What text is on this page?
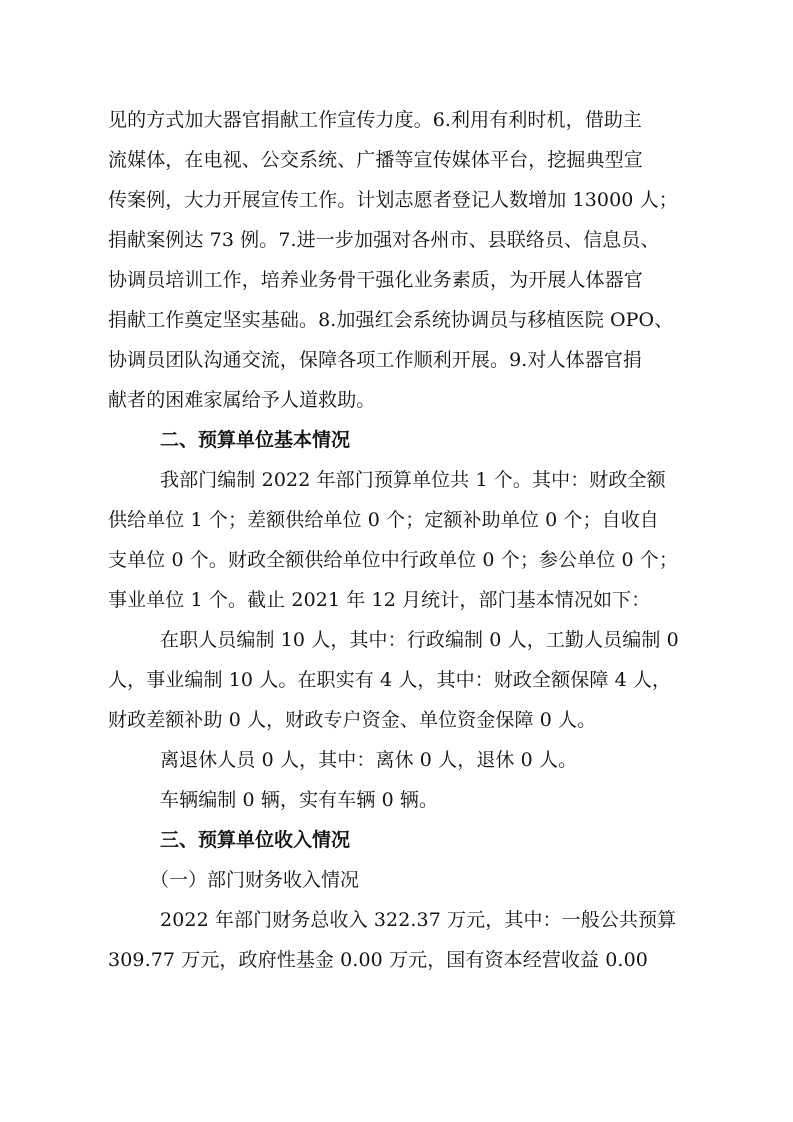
见的方式加大器官捐献工作宣传力度。6.利用有利时机，借助主
流媒体，在电视、公交系统、广播等宣传媒体平台，挖掘典型宣
传案例，大力开展宣传工作。计划志愿者登记人数增加 13000 人；
捐献案例达 73 例。7.进一步加强对各州市、县联络员、信息员、
协调员培训工作，培养业务骨干强化业务素质，为开展人体器官
捐献工作奠定坚实基础。8.加强红会系统协调员与移植医院 OPO、
协调员团队沟通交流，保障各项工作顺利开展。9.对人体器官捐
献者的困难家属给予人道救助。
二、预算单位基本情况
我部门编制 2022 年部门预算单位共 1 个。其中：财政全额
供给单位 1 个；差额供给单位 0 个；定额补助单位 0 个；自收自
支单位 0 个。财政全额供给单位中行政单位 0 个；参公单位 0 个；
事业单位 1 个。截止 2021 年 12 月统计，部门基本情况如下：
在职人员编制 10 人，其中：行政编制 0 人，工勤人员编制 0
人，事业编制 10 人。在职实有 4 人，其中：财政全额保障 4 人，
财政差额补助 0 人，财政专户资金、单位资金保障 0 人。
离退休人员 0 人，其中：离休 0 人，退休 0 人。
车辆编制 0 辆，实有车辆 0 辆。
三、预算单位收入情况
（一）部门财务收入情况
2022 年部门财务总收入 322.37 万元，其中：一般公共预算
309.77 万元，政府性基金 0.00 万元，国有资本经营收益 0.00
